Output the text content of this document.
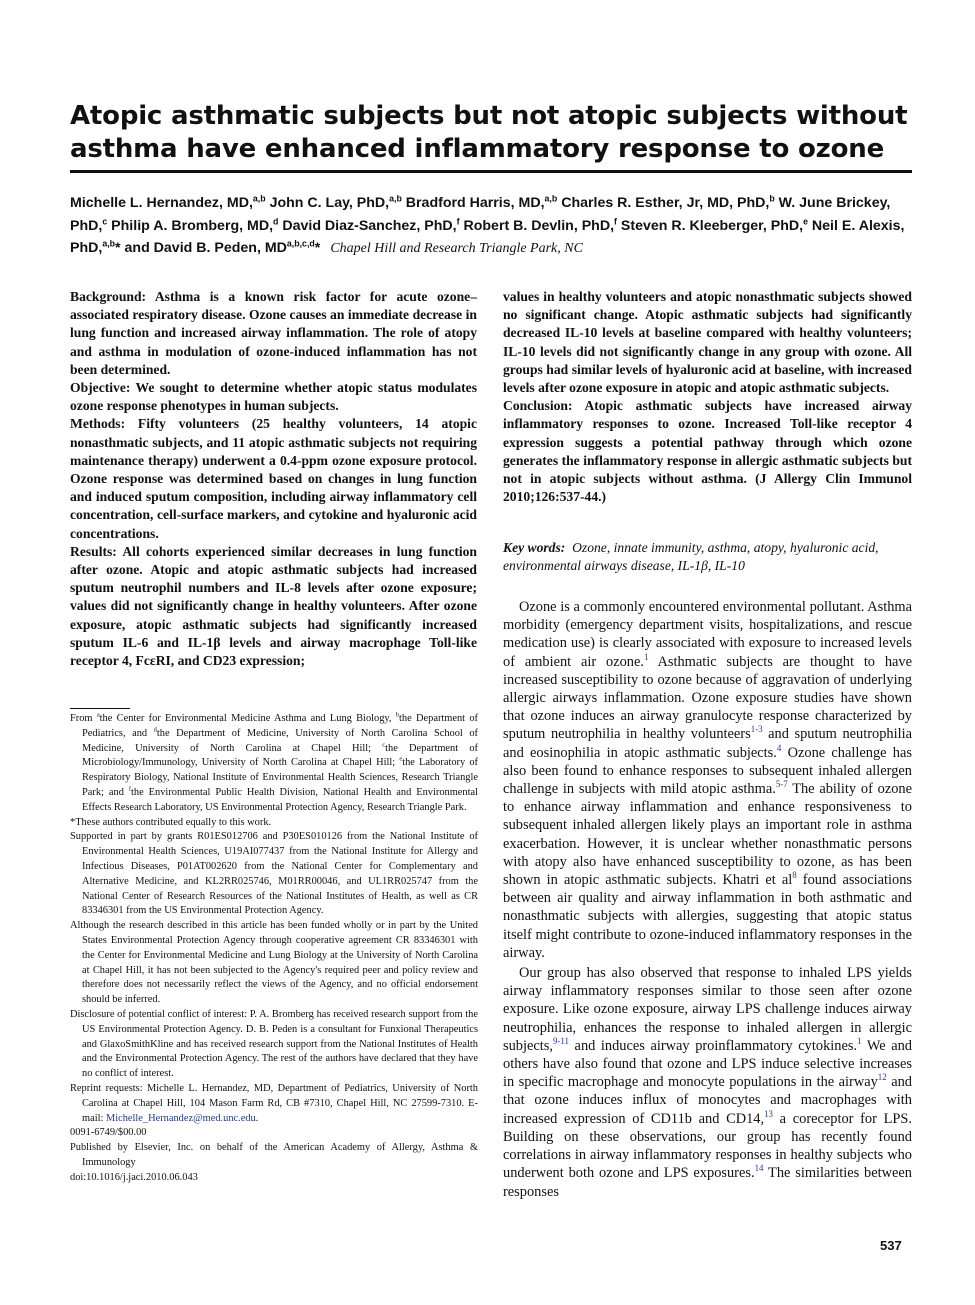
Atopic asthmatic subjects but not atopic subjects without asthma have enhanced inflammatory response to ozone
Michelle L. Hernandez, MD,$^{a,b}$ John C. Lay, PhD,$^{a,b}$ Bradford Harris, MD,$^{a,b}$ Charles R. Esther, Jr, MD, PhD,$^b$ W. June Brickey, PhD,$^c$ Philip A. Bromberg, MD,$^d$ David Diaz-Sanchez, PhD,$^f$ Robert B. Devlin, PhD,$^f$ Steven R. Kleeberger, PhD,$^e$ Neil E. Alexis, PhD,$^{a,b}$* and David B. Peden, MD$^{a,b,c,d}$* Chapel Hill and Research Triangle Park, NC

Background: Asthma is a known risk factor for acute ozone–associated respiratory disease. Ozone causes an immediate decrease in lung function and increased airway inflammation. The role of atopy and asthma in modulation of ozone-induced inflammation has not been determined.
Objective: We sought to determine whether atopic status modulates ozone response phenotypes in human subjects.
Methods: Fifty volunteers (25 healthy volunteers, 14 atopic nonasthmatic subjects, and 11 atopic asthmatic subjects not requiring maintenance therapy) underwent a 0.4-ppm ozone exposure protocol. Ozone response was determined based on changes in lung function and induced sputum composition, including airway inflammatory cell concentration, cell-surface markers, and cytokine and hyaluronic acid concentrations.
Results: All cohorts experienced similar decreases in lung function after ozone. Atopic and atopic asthmatic subjects had increased sputum neutrophil numbers and IL-8 levels after ozone exposure; values did not significantly change in healthy volunteers. After ozone exposure, atopic asthmatic subjects had significantly increased sputum IL-6 and IL-1β levels and airway macrophage Toll-like receptor 4, FcεRI, and CD23 expression;

values in healthy volunteers and atopic nonasthmatic subjects showed no significant change. Atopic asthmatic subjects had significantly decreased IL-10 levels at baseline compared with healthy volunteers; IL-10 levels did not significantly change in any group with ozone. All groups had similar levels of hyaluronic acid at baseline, with increased levels after ozone exposure in atopic and atopic asthmatic subjects.
Conclusion: Atopic asthmatic subjects have increased airway inflammatory responses to ozone. Increased Toll-like receptor 4 expression suggests a potential pathway through which ozone generates the inflammatory response in allergic asthmatic subjects but not in atopic subjects without asthma. (J Allergy Clin Immunol 2010;126:537-44.)

Key words: Ozone, innate immunity, asthma, atopy, hyaluronic acid, environmental airways disease, IL-1β, IL-10

From $^a$the Center for Environmental Medicine Asthma and Lung Biology, $^b$the Department of Pediatrics, and $^d$the Department of Medicine, University of North Carolina School of Medicine, University of North Carolina at Chapel Hill; $^c$the Department of Microbiology/Immunology, University of North Carolina at Chapel Hill; $^e$the Laboratory of Respiratory Biology, National Institute of Environmental Health Sciences, Research Triangle Park; and $^f$the Environmental Public Health Division, National Health and Environmental Effects Research Laboratory, US Environmental Protection Agency, Research Triangle Park.

*These authors contributed equally to this work.

Supported in part by grants R01ES012706 and P30ES010126 from the National Institute of Environmental Health Sciences, U19AI077437 from the National Institute for Allergy and Infectious Diseases, P01AT002620 from the National Center for Complementary and Alternative Medicine, and KL2RR025746, M01RR00046, and UL1RR025747 from the National Center of Research Resources of the National Institutes of Health, as well as CR 83346301 from the US Environmental Protection Agency.

Although the research described in this article has been funded wholly or in part by the United States Environmental Protection Agency through cooperative agreement CR 83346301 with the Center for Environmental Medicine and Lung Biology at the University of North Carolina at Chapel Hill, it has not been subjected to the Agency's required peer and policy review and therefore does not necessarily reflect the views of the Agency, and no official endorsement should be inferred.

Disclosure of potential conflict of interest: P. A. Bromberg has received research support from the US Environmental Protection Agency. D. B. Peden is a consultant for Funxional Therapeutics and GlaxoSmithKline and has received research support from the National Institutes of Health and the Environmental Protection Agency. The rest of the authors have declared that they have no conflict of interest.

Reprint requests: Michelle L. Hernandez, MD, Department of Pediatrics, University of North Carolina at Chapel Hill, 104 Mason Farm Rd, CB #7310, Chapel Hill, NC 27599-7310. E-mail: Michelle_Hernandez@med.unc.edu.

0091-6749/$00.00

Published by Elsevier, Inc. on behalf of the American Academy of Allergy, Asthma & Immunology

doi:10.1016/j.jaci.2010.06.043

Ozone is a commonly encountered environmental pollutant. Asthma morbidity (emergency department visits, hospitalizations, and rescue medication use) is clearly associated with exposure to increased levels of ambient air ozone.$^1$ Asthmatic subjects are thought to have increased susceptibility to ozone because of aggravation of underlying allergic airways inflammation. Ozone exposure studies have shown that ozone induces an airway granulocyte response characterized by sputum neutrophilia in healthy volunteers$^{1-3}$ and sputum neutrophilia and eosinophilia in atopic asthmatic subjects.$^4$ Ozone challenge has also been found to enhance responses to subsequent inhaled allergen challenge in subjects with mild atopic asthma.$^{5-7}$ The ability of ozone to enhance airway inflammation and enhance responsiveness to subsequent inhaled allergen likely plays an important role in asthma exacerbation. However, it is unclear whether nonasthmatic persons with atopy also have enhanced susceptibility to ozone, as has been shown in atopic asthmatic subjects. Khatri et al$^8$ found associations between air quality and airway inflammation in both asthmatic and nonasthmatic subjects with allergies, suggesting that atopic status itself might contribute to ozone-induced inflammatory responses in the airway.

Our group has also observed that response to inhaled LPS yields airway inflammatory responses similar to those seen after ozone exposure. Like ozone exposure, airway LPS challenge induces airway neutrophilia, enhances the response to inhaled allergen in allergic subjects,$^{9-11}$ and induces airway proinflammatory cytokines.$^1$ We and others have also found that ozone and LPS induce selective increases in specific macrophage and monocyte populations in the airway$^{12}$ and that ozone induces influx of monocytes and macrophages with increased expression of CD11b and CD14,13 a coreceptor for LPS. Building on these observations, our group has recently found correlations in airway inflammatory responses in healthy subjects who underwent both ozone and LPS exposures.$^{14}$ The similarities between responses

537
